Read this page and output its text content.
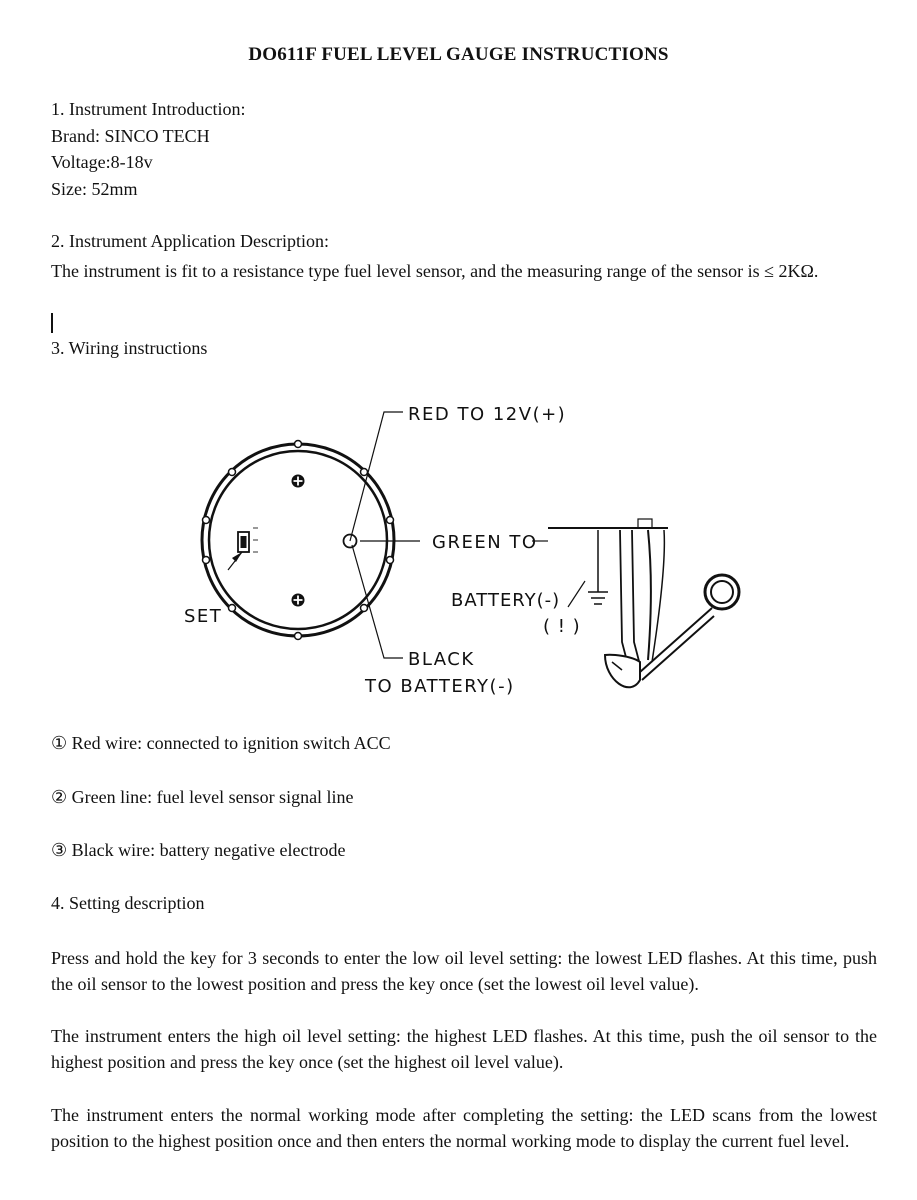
DO611F FUEL LEVEL GAUGE INSTRUCTIONS
1. Instrument Introduction:
Brand: SINCO TECH
Voltage:8-18v
Size: 52mm
2. Instrument Application Description:
The instrument is fit to a resistance type fuel level sensor, and the measuring range of the sensor is ≤ 2KΩ.
3. Wiring instructions
RED TO 12V(+)
GREEN TO
BATTERY(-)
( ! )
BLACK
TO BATTERY(-)
SET
① Red wire: connected to ignition switch ACC
② Green line: fuel level sensor signal line
③ Black wire: battery negative electrode
4. Setting description
Press and hold the key for 3 seconds to enter the low oil level setting: the lowest LED flashes. At this time, push the oil sensor to the lowest position and press the key once (set the lowest oil level value).
The instrument enters the high oil level setting: the highest LED flashes. At this time, push the oil sensor to the highest position and press the key once (set the highest oil level value).
The instrument enters the normal working mode after completing the setting: the LED scans from the lowest position to the highest position once and then enters the normal working mode to display the current fuel level.
